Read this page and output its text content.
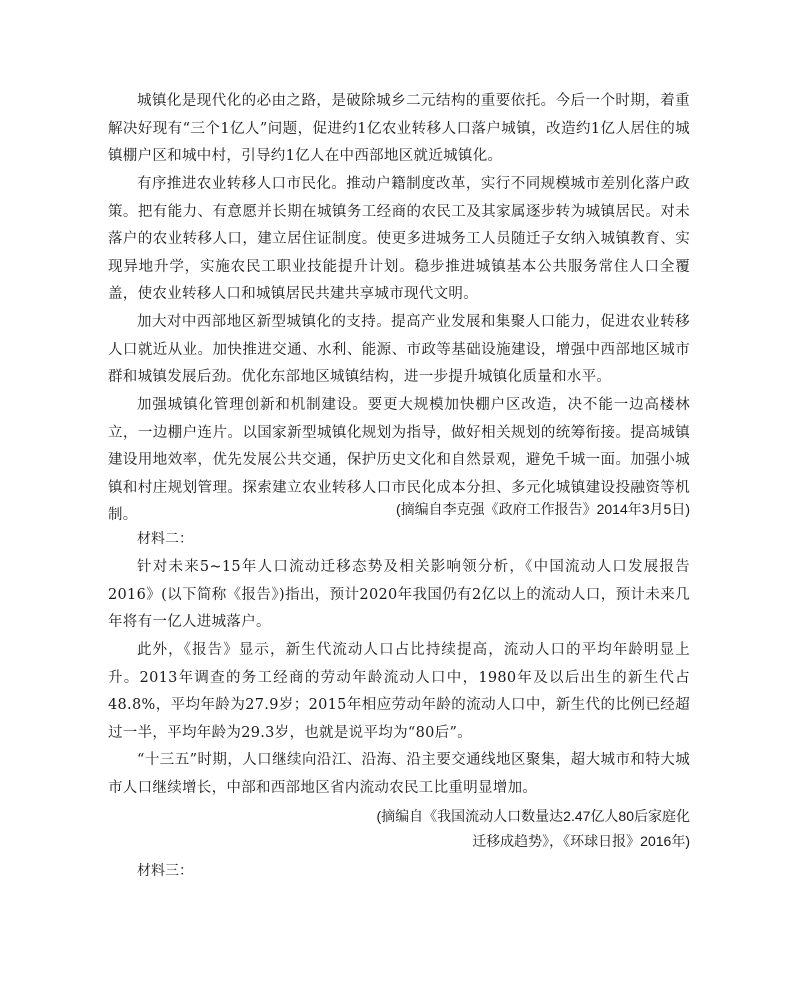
城镇化是现代化的必由之路，是破除城乡二元结构的重要依托。今后一个时期，着重解决好现有“三个1亿人”问题，促进约1亿农业转移人口落户城镇，改造约1亿人居住的城镇棚户区和城中村，引导约1亿人在中西部地区就近城镇化。

有序推进农业转移人口市民化。推动户籍制度改革，实行不同规模城市差别化落户政策。把有能力、有意愿并长期在城镇务工经商的农民工及其家属逐步转为城镇居民。对未落户的农业转移人口，建立居住证制度。使更多进城务工人员随迁子女纳入城镇教育、实现异地升学，实施农民工职业技能提升计划。稳步推进城镇基本公共服务常住人口全覆盖，使农业转移人口和城镇居民共建共享城市现代文明。

加大对中西部地区新型城镇化的支持。提高产业发展和集聚人口能力，促进农业转移人口就近从业。加快推进交通、水利、能源、市政等基础设施建设，增强中西部地区城市群和城镇发展后劲。优化东部地区城镇结构，进一步提升城镇化质量和水平。

加强城镇化管理创新和机制建设。要更大规模加快棚户区改造，决不能一边高楼林立，一边棚户连片。以国家新型城镇化规划为指导，做好相关规划的统筹衔接。提高城镇建设用地效率，优先发展公共交通，保护历史文化和自然景观，避免千城一面。加强小城镇和村庄规划管理。探索建立农业转移人口市民化成本分担、多元化城镇建设投融资等机制。	(摘编自李克强《政府工作报告》2014年3月5日)

材料二：

针对未来5~15年人口流动迁移态势及相关影响领分析，《中国流动人口发展报告2016》(以下简称《报告》)指出，预计2020年我国仍有2亿以上的流动人口，预计未来几年将有一亿人进城落户。

此外，《报告》显示，新生代流动人口占比持续提高，流动人口的平均年龄明显上升。2013年调查的务工经商的劳动年龄流动人口中，1980年及以后出生的新生代占48.8%，平均年龄为27.9岁；2015年相应劳动年龄的流动人口中，新生代的比例已经超过一半，平均年龄为29.3岁，也就是说平均为“80后”。

“十三五”时期，人口继续向沿江、沿海、沿主要交通线地区聚集，超大城市和特大城市人口继续增长，中部和西部地区省内流动农民工比重明显增加。

(摘编自《我国流动人口数量达2.47亿人80后家庭化

迁移成趋势》，《环球日报》2016年)

材料三：
